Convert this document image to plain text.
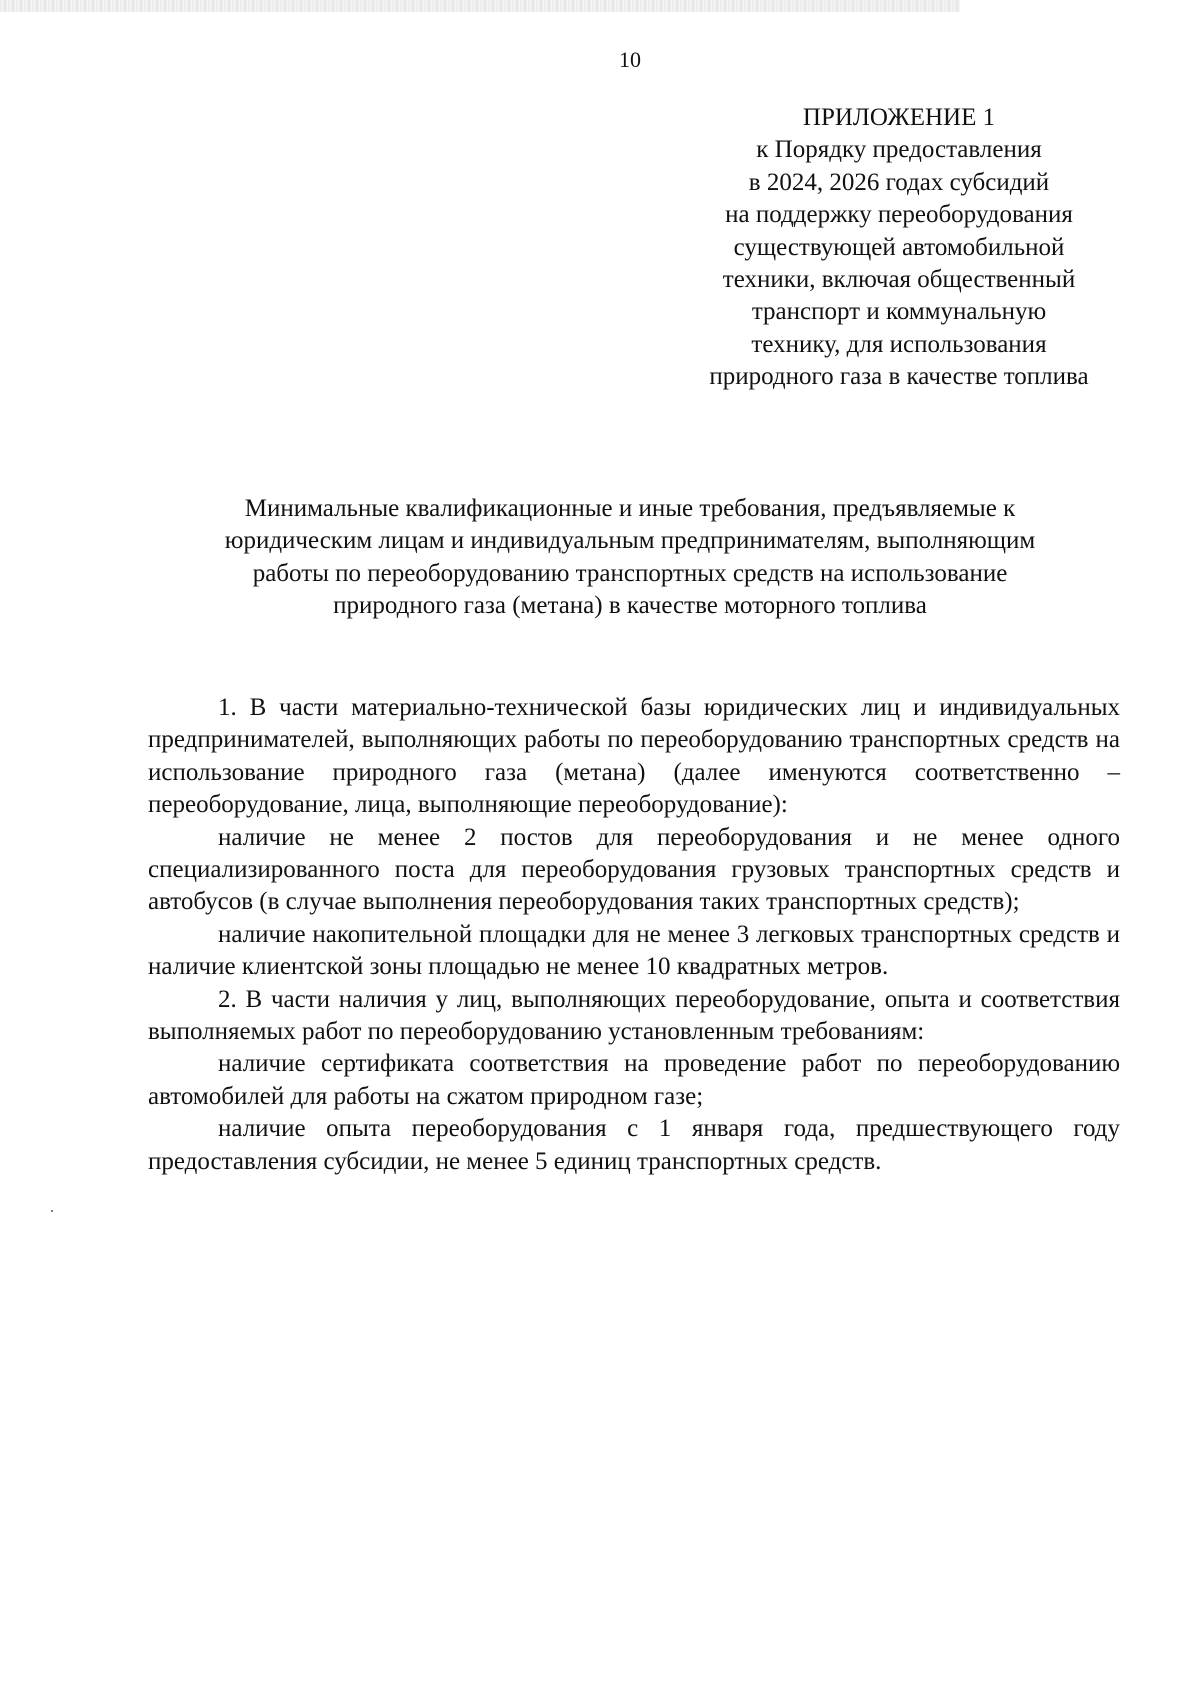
10
ПРИЛОЖЕНИЕ 1
к Порядку предоставления
в 2024, 2026 годах субсидий
на поддержку переоборудования
существующей автомобильной
техники, включая общественный
транспорт и коммунальную
технику, для использования
природного газа в качестве топлива
Минимальные квалификационные и иные требования, предъявляемые к
юридическим лицам и индивидуальным предпринимателям, выполняющим
работы по переоборудованию транспортных средств на использование
природного газа (метана) в качестве моторного топлива

1. В части материально-технической базы юридических лиц и индивидуальных предпринимателей, выполняющих работы по переоборудованию транспортных средств на использование природного газа (метана) (далее именуются соответственно – переоборудование, лица, выполняющие переоборудование):

наличие не менее 2 постов для переоборудования и не менее одного специализированного поста для переоборудования грузовых транспортных средств и автобусов (в случае выполнения переоборудования таких транспортных средств);

наличие накопительной площадки для не менее 3 легковых транспортных средств и наличие клиентской зоны площадью не менее 10 квадратных метров.

2. В части наличия у лиц, выполняющих переоборудование, опыта и соответствия выполняемых работ по переоборудованию установленным требованиям:

наличие сертификата соответствия на проведение работ по переоборудованию автомобилей для работы на сжатом природном газе;

наличие опыта переоборудования с 1 января года, предшествующего году предоставления субсидии, не менее 5 единиц транспортных средств.
